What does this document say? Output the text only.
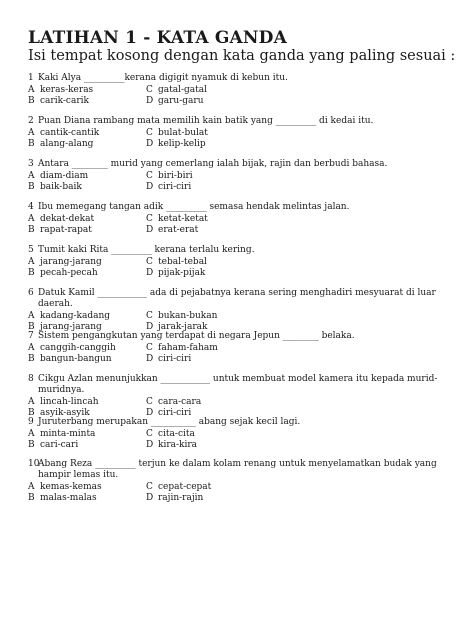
LATIHAN 1 - KATA GANDA
Isi tempat kosong dengan kata ganda yang paling sesuai :
1 Kaki Alya _________kerana digigit nyamuk di kebun itu.
A keras-keras	C gatal-gatal
B carik-carik	D garu-garu
2 Puan Diana rambang mata memilih kain batik yang _________ di kedai itu.
A cantik-cantik	C bulat-bulat
B alang-alang	D kelip-kelip
3 Antara ________ murid yang cemerlang ialah bijak, rajin dan berbudi bahasa.
A diam-diam	C biri-biri
B baik-baik	D ciri-ciri
4 Ibu memegang tangan adik _________ semasa hendak melintas jalan.
A dekat-dekat	C ketat-ketat
B rapat-rapat	D erat-erat
5 Tumit kaki Rita _________ kerana terlalu kering.
A jarang-jarang	C tebal-tebal
B pecah-pecah	D pijak-pijak
6 Datuk Kamil ___________ ada di pejabatnya kerana sering menghadiri mesyuarat di luar daerah.
A kadang-kadang	C bukan-bukan
B jarang-jarang	D jarak-jarak
7 Sistem pengangkutan yang terdapat di negara Jepun ________ belaka.
A canggih-canggih	C faham-faham
B bangun-bangun	D ciri-ciri
8 Cikgu Azlan menunjukkan ___________ untuk membuat model kamera itu kepada murid-muridnya.
A lincah-lincah	C cara-cara
B asyik-asyik	D ciri-ciri
9 Juruterbang merupakan __________ abang sejak kecil lagi.
A minta-minta	C cita-cita
B cari-cari	D kira-kira
10
Abang Reza _________ terjun ke dalam kolam renang untuk menyelamatkan budak yang hampir lemas itu.
A kemas-kemas	C cepat-cepat
B malas-malas	D rajin-rajin
